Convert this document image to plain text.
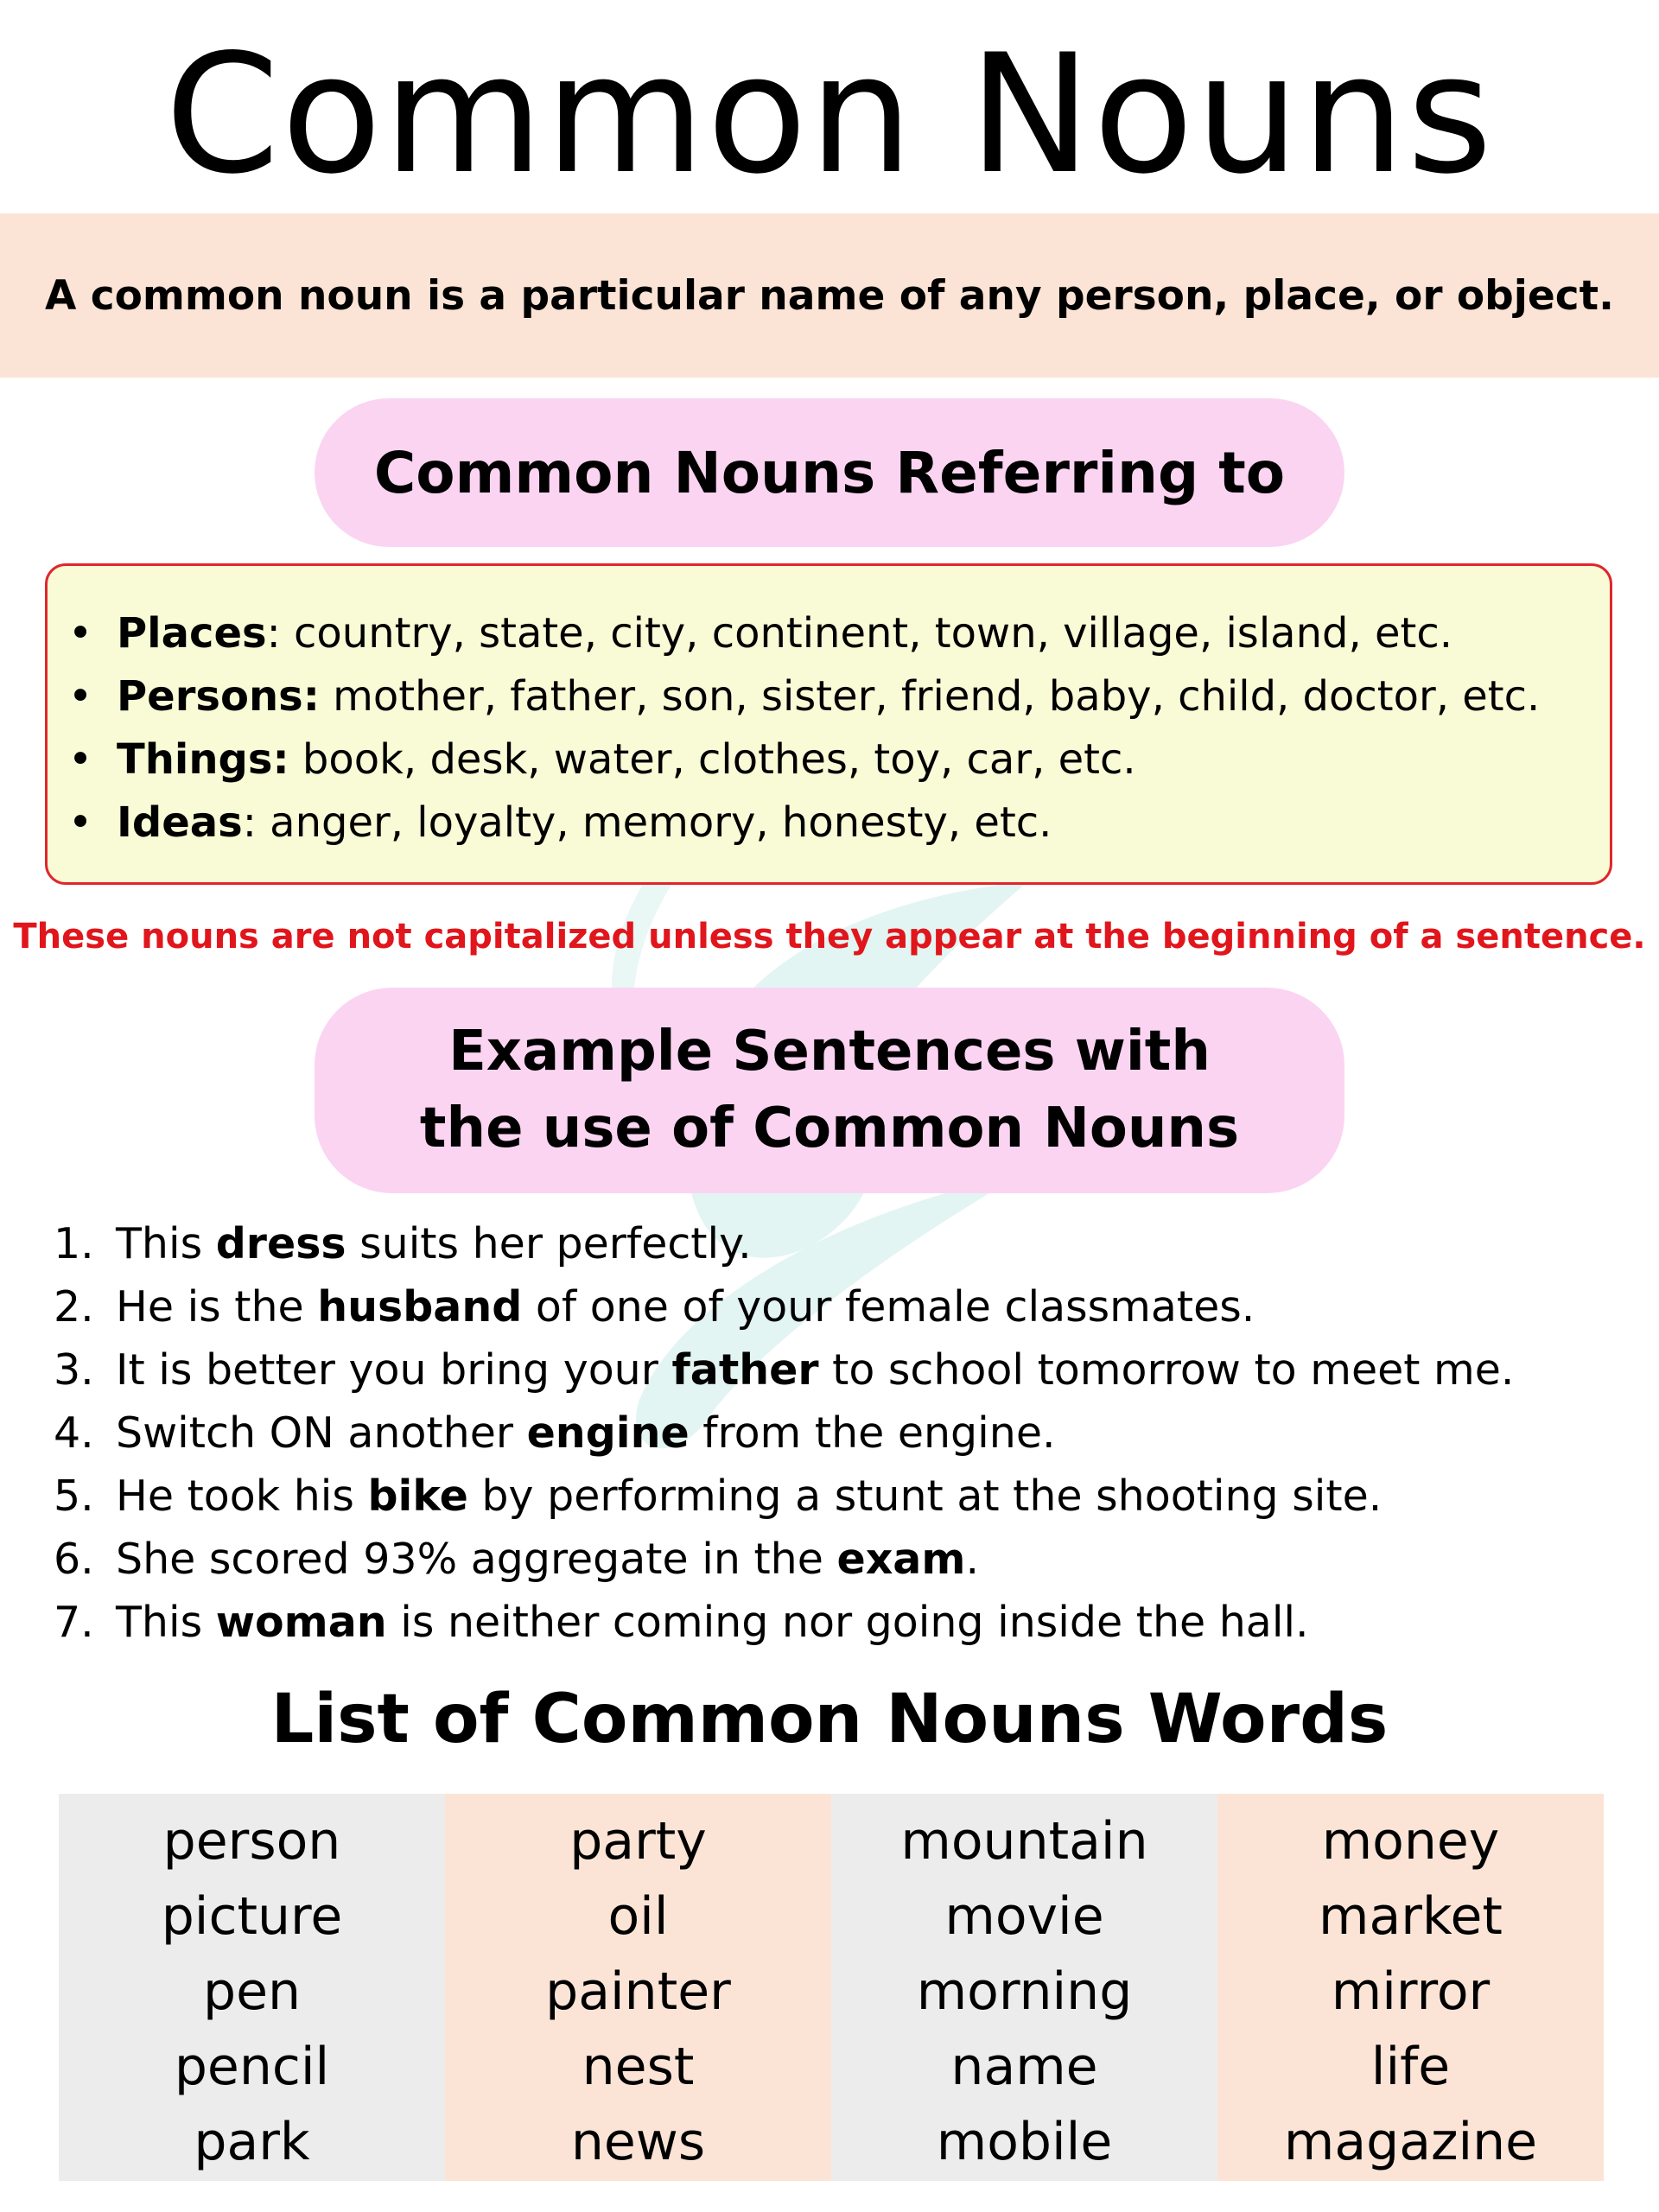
Common Nouns
A common noun is a particular name of any person, place, or object.
Common Nouns Referring to
• Places: country, state, city, continent, town, village, island, etc.
• Persons: mother, father, son, sister, friend, baby, child, doctor, etc.
• Things: book, desk, water, clothes, toy, car, etc.
• Ideas: anger, loyalty, memory, honesty, etc.
These nouns are not capitalized unless they appear at the beginning of a sentence.
Example Sentences with
the use of Common Nouns
1. This dress suits her perfectly.
2. He is the husband of one of your female classmates.
3. It is better you bring your father to school tomorrow to meet me.
4. Switch ON another engine from the engine.
5. He took his bike by performing a stunt at the shooting site.
6. She scored 93% aggregate in the exam.
7. This woman is neither coming nor going inside the hall.
List of Common Nouns Words
person
picture
pen
pencil
park
party
oil
painter
nest
news
mountain
movie
morning
name
mobile
money
market
mirror
life
magazine
